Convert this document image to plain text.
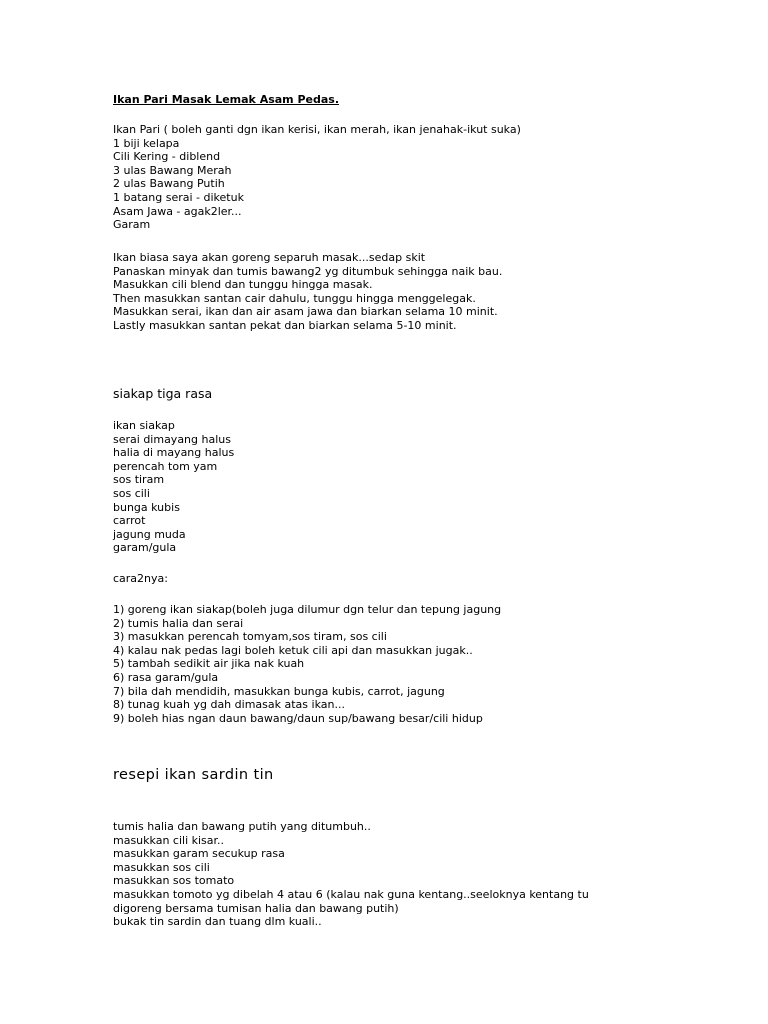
Ikan Pari Masak Lemak Asam Pedas.

Ikan Pari ( boleh ganti dgn ikan kerisi, ikan merah, ikan jenahak-ikut suka)

1 biji kelapa

Cili Kering - diblend

3 ulas Bawang Merah

2 ulas Bawang Putih

1 batang serai - diketuk

Asam Jawa - agak2ler...

Garam

Ikan biasa saya akan goreng separuh masak...sedap skit

Panaskan minyak dan tumis bawang2 yg ditumbuk sehingga naik bau.

Masukkan cili blend dan tunggu hingga masak.

Then masukkan santan cair dahulu, tunggu hingga menggelegak.

Masukkan serai, ikan dan air asam jawa dan biarkan selama 10 minit.

Lastly masukkan santan pekat dan biarkan selama 5-10 minit.

siakap tiga rasa

ikan siakap

serai dimayang halus

halia di mayang halus

perencah tom yam

sos tiram

sos cili

bunga kubis

carrot

jagung muda

garam/gula

cara2nya:

1) goreng ikan siakap(boleh juga dilumur dgn telur dan tepung jagung

2) tumis halia dan serai

3) masukkan perencah tomyam,sos tiram, sos cili

4) kalau nak pedas lagi boleh ketuk cili api dan masukkan jugak..

5) tambah sedikit air jika nak kuah

6) rasa garam/gula

7) bila dah mendidih, masukkan bunga kubis, carrot, jagung

8) tunag kuah yg dah dimasak atas ikan...

9) boleh hias ngan daun bawang/daun sup/bawang besar/cili hidup

resepi ikan sardin tin

tumis halia dan bawang putih yang ditumbuh..

masukkan cili kisar..

masukkan garam secukup rasa

masukkan sos cili

masukkan sos tomato

masukkan tomoto yg dibelah 4 atau 6 (kalau nak guna kentang..seeloknya kentang tu

digoreng bersama tumisan halia dan bawang putih)

bukak tin sardin dan tuang dlm kuali..
